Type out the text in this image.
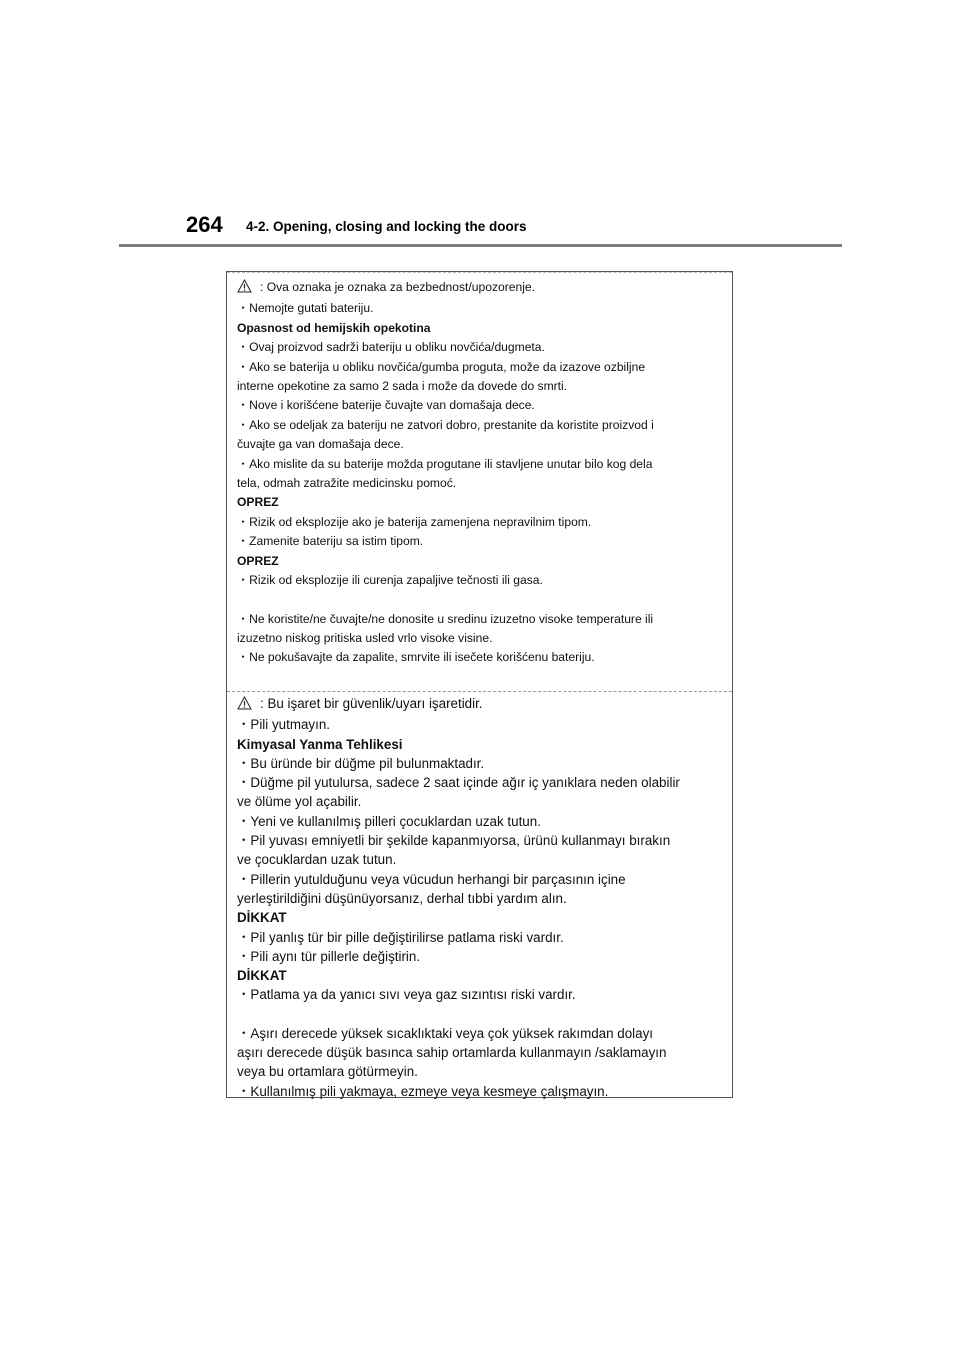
264 4-2. Opening, closing and locking the doors
: Ova oznaka je oznaka za bezbednost/upozorenje.
・Nemojte gutati bateriju.
Opasnost od hemijskih opekotina
・Ovaj proizvod sadrži bateriju u obliku novčića/dugmeta.
・Ako se baterija u obliku novčića/gumba proguta, može da izazove ozbiljne
interne opekotine za samo 2 sada i može da dovede do smrti.
・Nove i korišćene baterije čuvajte van domašaja dece.
・Ako se odeljak za bateriju ne zatvori dobro, prestanite da koristite proizvod i
čuvajte ga van domašaja dece.
・Ako mislite da su baterije možda progutane ili stavljene unutar bilo kog dela
tela, odmah zatražite medicinsku pomoć.
OPREZ
・Rizik od eksplozije ako je baterija zamenjena nepravilnim tipom.
・Zamenite bateriju sa istim tipom.
OPREZ
・Rizik od eksplozije ili curenja zapaljive tečnosti ili gasa.
・Ne koristite/ne čuvajte/ne donosite u sredinu izuzetno visoke temperature ili
izuzetno niskog pritiska usled vrlo visoke visine.
・Ne pokušavajte da zapalite, smrvite ili isečete korišćenu bateriju.
: Bu işaret bir güvenlik/uyarı işaretidir.
・Pili yutmayın.
Kimyasal Yanma Tehlikesi
・Bu üründe bir düğme pil bulunmaktadır.
・Düğme pil yutulursa, sadece 2 saat içinde ağır iç yanıklara neden olabilir
ve ölüme yol açabilir.
・Yeni ve kullanılmış pilleri çocuklardan uzak tutun.
・Pil yuvası emniyetli bir şekilde kapanmıyorsa, ürünü kullanmayı bırakın
ve çocuklardan uzak tutun.
・Pillerin yutulduğunu veya vücudun herhangi bir parçasının içine
yerleştirildiğini düşünüyorsanız, derhal tıbbi yardım alın.
DİKKAT
・Pil yanlış tür bir pille değiştirilirse patlama riski vardır.
・Pili aynı tür pillerle değiştirin.
DİKKAT
・Patlama ya da yanıcı sıvı veya gaz sızıntısı riski vardır.
・Aşırı derecede yüksek sıcaklıktaki veya çok yüksek rakımdan dolayı
aşırı derecede düşük basınca sahip ortamlarda kullanmayın /saklamayın
veya bu ortamlara götürmeyin.
・Kullanılmış pili yakmaya, ezmeye veya kesmeye çalışmayın.
